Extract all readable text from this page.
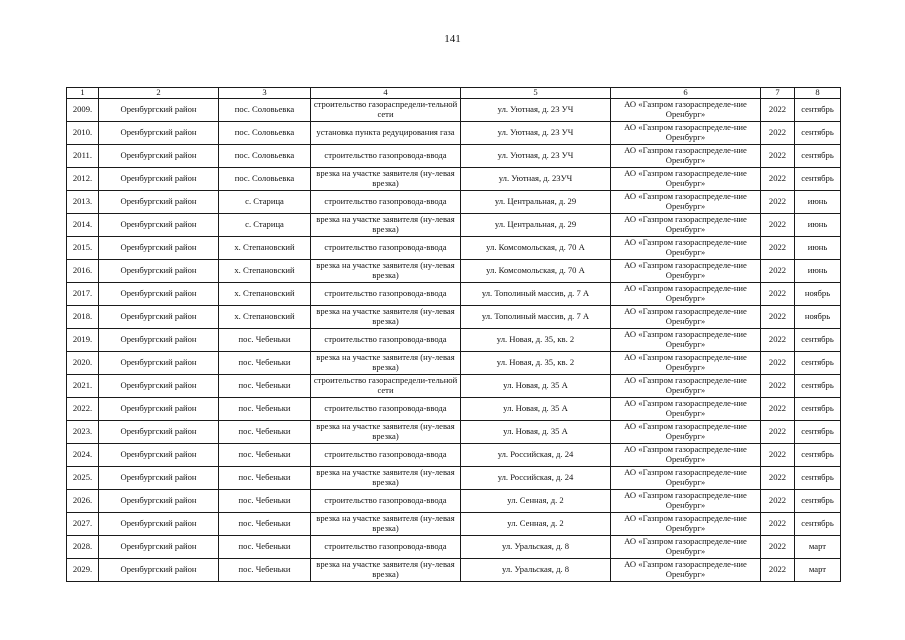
141
1	2	3	4	5	6	7	8
2009.	Оренбургский район	пос. Соловьевка	строительство газораспредели-тельной сети	ул. Уютная, д. 23 УЧ	АО «Газпром газораспределе-ние Оренбург»	2022	сентябрь
2010.	Оренбургский район	пос. Соловьевка	установка пункта редуцирования газа	ул. Уютная, д. 23 УЧ	АО «Газпром газораспределе-ние Оренбург»	2022	сентябрь
2011.	Оренбургский район	пос. Соловьевка	строительство газопровода-ввода	ул. Уютная, д. 23 УЧ	АО «Газпром газораспределе-ние Оренбург»	2022	сентябрь
2012.	Оренбургский район	пос. Соловьевка	врезка на участке заявителя (ну-левая врезка)	ул. Уютная, д. 23УЧ	АО «Газпром газораспределе-ние Оренбург»	2022	сентябрь
2013.	Оренбургский район	с. Старица	строительство газопровода-ввода	ул. Центральная, д. 29	АО «Газпром газораспределе-ние Оренбург»	2022	июнь
2014.	Оренбургский район	с. Старица	врезка на участке заявителя (ну-левая врезка)	ул. Центральная, д. 29	АО «Газпром газораспределе-ние Оренбург»	2022	июнь
2015.	Оренбургский район	х. Степановский	строительство газопровода-ввода	ул. Комсомольская, д. 70 А	АО «Газпром газораспределе-ние Оренбург»	2022	июнь
2016.	Оренбургский район	х. Степановский	врезка на участке заявителя (ну-левая врезка)	ул. Комсомольская, д. 70 А	АО «Газпром газораспределе-ние Оренбург»	2022	июнь
2017.	Оренбургский район	х. Степановский	строительство газопровода-ввода	ул. Тополиный массив, д. 7 А	АО «Газпром газораспределе-ние Оренбург»	2022	ноябрь
2018.	Оренбургский район	х. Степановский	врезка на участке заявителя (ну-левая врезка)	ул. Тополиный массив, д. 7 А	АО «Газпром газораспределе-ние Оренбург»	2022	ноябрь
2019.	Оренбургский район	пос. Чебеньки	строительство газопровода-ввода	ул. Новая, д. 35, кв. 2	АО «Газпром газораспределе-ние Оренбург»	2022	сентябрь
2020.	Оренбургский район	пос. Чебеньки	врезка на участке заявителя (ну-левая врезка)	ул. Новая, д. 35, кв. 2	АО «Газпром газораспределе-ние Оренбург»	2022	сентябрь
2021.	Оренбургский район	пос. Чебеньки	строительство газораспредели-тельной сети	ул. Новая, д. 35 А	АО «Газпром газораспределе-ние Оренбург»	2022	сентябрь
2022.	Оренбургский район	пос. Чебеньки	строительство газопровода-ввода	ул. Новая, д. 35 А	АО «Газпром газораспределе-ние Оренбург»	2022	сентябрь
2023.	Оренбургский район	пос. Чебеньки	врезка на участке заявителя (ну-левая врезка)	ул. Новая, д. 35 А	АО «Газпром газораспределе-ние Оренбург»	2022	сентябрь
2024.	Оренбургский район	пос. Чебеньки	строительство газопровода-ввода	ул. Российская, д. 24	АО «Газпром газораспределе-ние Оренбург»	2022	сентябрь
2025.	Оренбургский район	пос. Чебеньки	врезка на участке заявителя (ну-левая врезка)	ул. Российская, д. 24	АО «Газпром газораспределе-ние Оренбург»	2022	сентябрь
2026.	Оренбургский район	пос. Чебеньки	строительство газопровода-ввода	ул. Сенная, д. 2	АО «Газпром газораспределе-ние Оренбург»	2022	сентябрь
2027.	Оренбургский район	пос. Чебеньки	врезка на участке заявителя (ну-левая врезка)	ул. Сенная, д. 2	АО «Газпром газораспределе-ние Оренбург»	2022	сентябрь
2028.	Оренбургский район	пос. Чебеньки	строительство газопровода-ввода	ул. Уральская, д. 8	АО «Газпром газораспределе-ние Оренбург»	2022	март
2029.	Оренбургский район	пос. Чебеньки	врезка на участке заявителя (ну-левая врезка)	ул. Уральская, д. 8	АО «Газпром газораспределе-ние Оренбург»	2022	март
